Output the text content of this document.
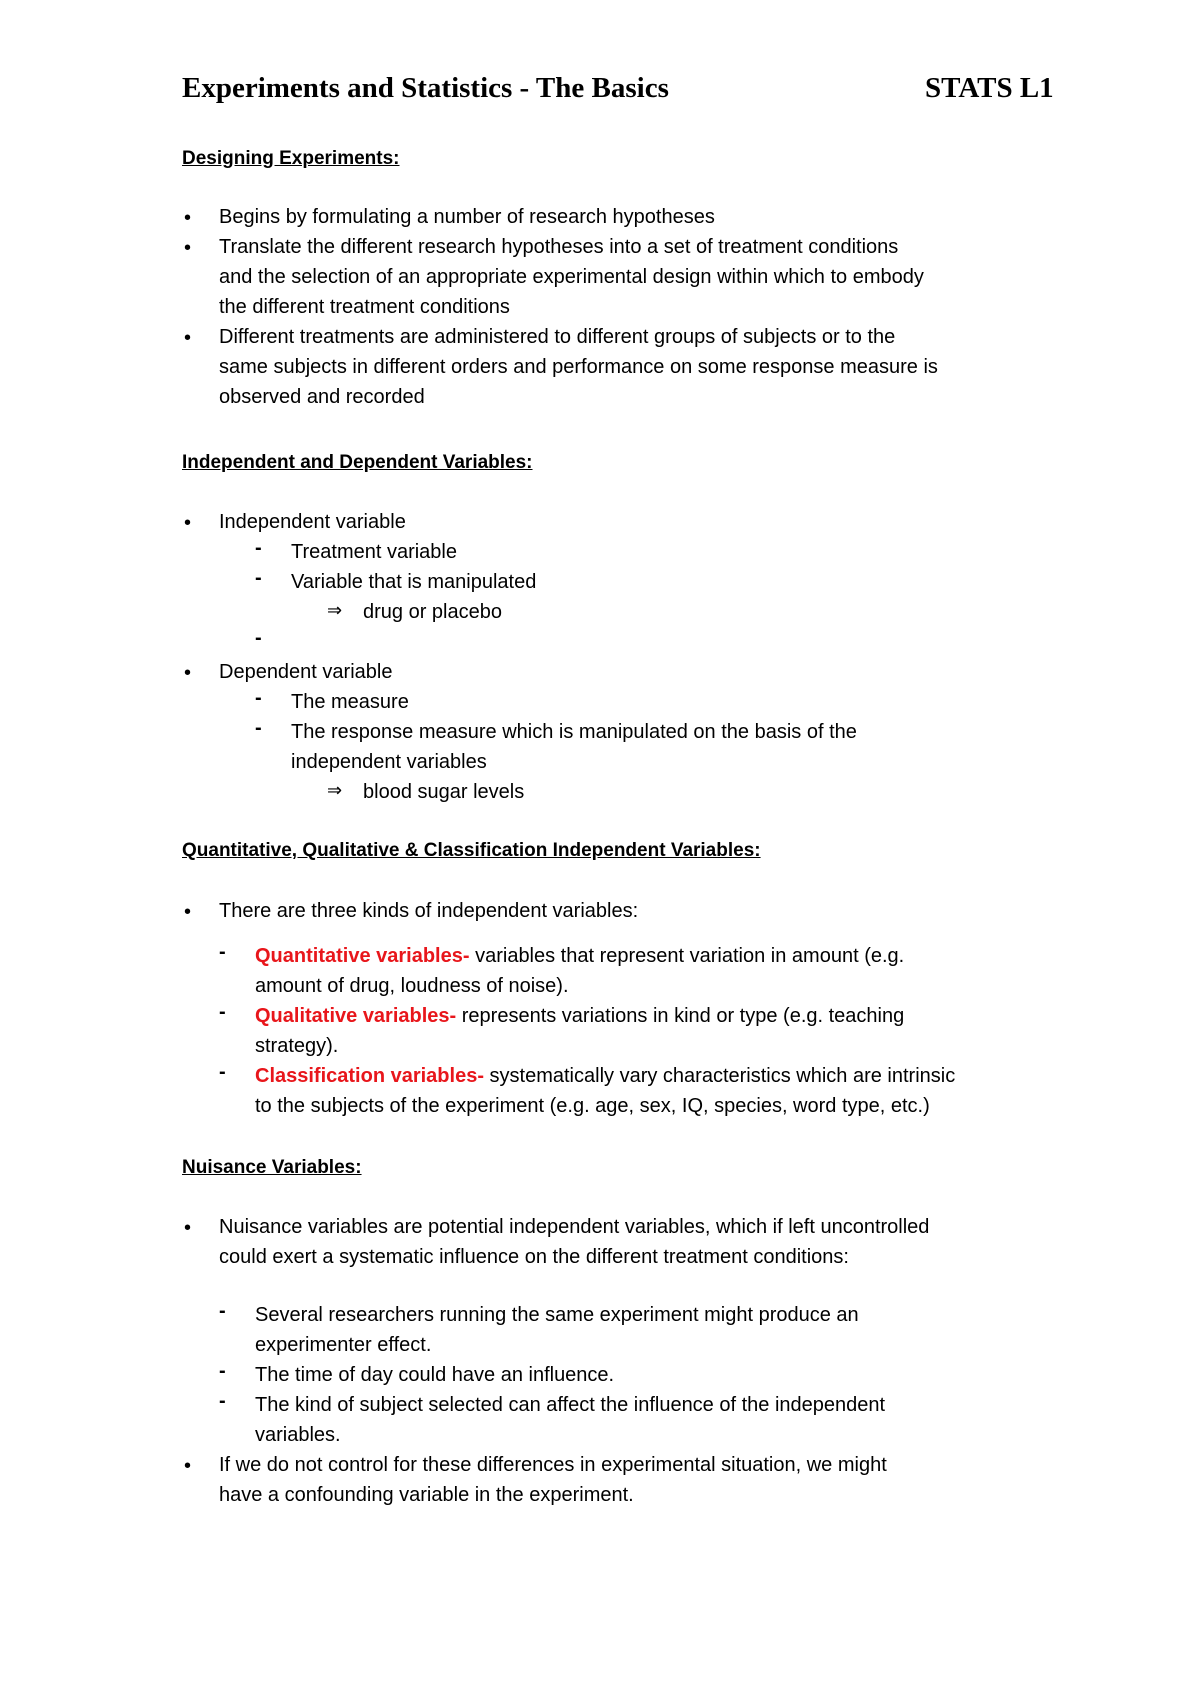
Experiments and Statistics - The Basics	STATS L1
Designing Experiments:
• Begins by formulating a number of research hypotheses
• Translate the different research hypotheses into a set of treatment conditions
and the selection of an appropriate experimental design within which to embody
the different treatment conditions
• Different treatments are administered to different groups of subjects or to the
same subjects in different orders and performance on some response measure is
observed and recorded
Independent and Dependent Variables:
• Independent variable
- Treatment variable
- Variable that is manipulated
⇒ drug or placebo
-
• Dependent variable
- The measure
- The response measure which is manipulated on the basis of the
independent variables
⇒ blood sugar levels
Quantitative, Qualitative & Classification Independent Variables:
• There are three kinds of independent variables:
- Quantitative variables- variables that represent variation in amount (e.g.
amount of drug, loudness of noise).
- Qualitative variables- represents variations in kind or type (e.g. teaching
strategy).
- Classification variables- systematically vary characteristics which are intrinsic
to the subjects of the experiment (e.g. age, sex, IQ, species, word type, etc.)
Nuisance Variables:
• Nuisance variables are potential independent variables, which if left uncontrolled
could exert a systematic influence on the different treatment conditions:
- Several researchers running the same experiment might produce an
experimenter effect.
- The time of day could have an influence.
- The kind of subject selected can affect the influence of the independent
variables.
• If we do not control for these differences in experimental situation, we might
have a confounding variable in the experiment.
